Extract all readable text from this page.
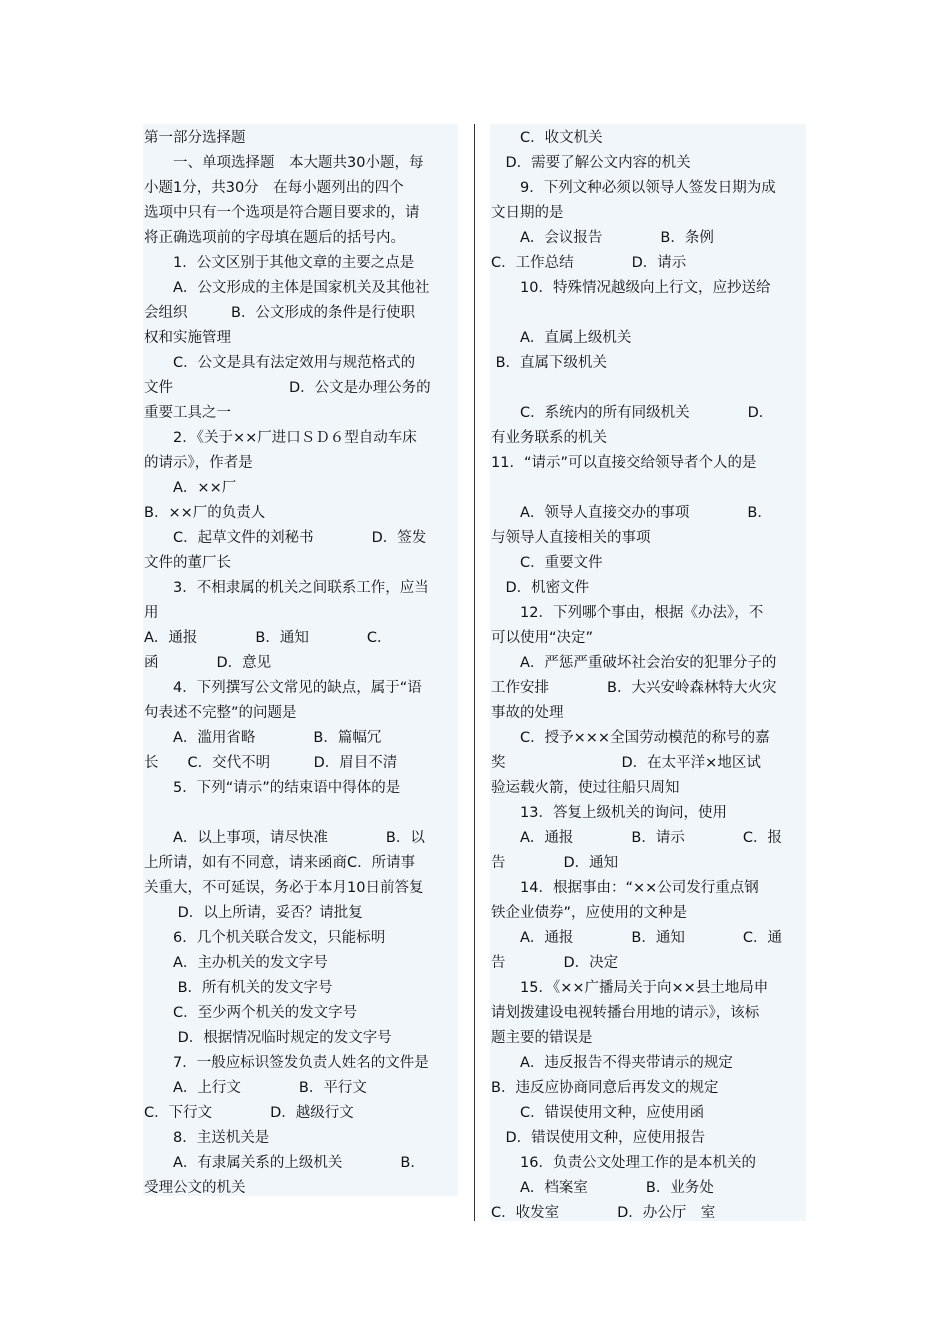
第一部分选择题
　　一、单项选择题　本大题共30小题，每
小题1分，共30分　在每小题列出的四个
选项中只有一个选项是符合题目要求的，请
将正确选项前的字母填在题后的括号内。
　　1．公文区别于其他文章的主要之点是
　　A．公文形成的主体是国家机关及其他社
会组织　　　B．公文形成的条件是行使职
权和实施管理
　　C．公文是具有法定效用与规范格式的
文件　　　　　　　　D．公文是办理公务的
重要工具之一
　　2．《关于××厂进口ＳＤ６型自动车床
的请示》，作者是
　　A．××厂
B．××厂的负责人
　　C．起草文件的刘秘书　　　　D．签发
文件的董厂长
　　3．不相隶属的机关之间联系工作，应当
用
A．通报　　　　B．通知　　　　C．
函　　　　D．意见
　　4．下列撰写公文常见的缺点，属于“语
句表述不完整”的问题是
　　A．滥用省略　　　　B．篇幅冗
长　　C．交代不明　　　D．眉目不清
　　5．下列“请示”的结束语中得体的是
　　A．以上事项，请尽快准　　　　B．以
上所请，如有不同意，请来函商C．所请事
关重大，不可延误，务必于本月10日前答复
　　 D．以上所请，妥否？请批复
　　6．几个机关联合发文，只能标明
　　A．主办机关的发文字号
　　 B．所有机关的发文字号
　　C．至少两个机关的发文字号
　　 D．根据情况临时规定的发文字号
　　7．一般应标识签发负责人姓名的文件是
　　A．上行文　　　　B．平行文
C．下行文　　　　D．越级行文
　　8．主送机关是
　　A．有隶属关系的上级机关　　　　B．
受理公文的机关
　　C．收文机关
　D．需要了解公文内容的机关
　　9．下列文种必须以领导人签发日期为成
文日期的是
　　A．会议报告　　　　B．条例
C．工作总结　　　　D．请示
　　10．特殊情况越级向上行文，应抄送给
　　A．直属上级机关
B．直属下级机关
　　C．系统内的所有同级机关　　　　D．
有业务联系的机关
11．“请示”可以直接交给领导者个人的是
　　A．领导人直接交办的事项　　　　B．
与领导人直接相关的事项
　　C．重要文件
　D．机密文件
　　12．下列哪个事由，根据《办法》，不
可以使用“决定”
　　A．严惩严重破坏社会治安的犯罪分子的
工作安排　　　　B．大兴安岭森林特大火灾
事故的处理
　　C．授予×××全国劳动模范的称号的嘉
奖　　　　　　　　D．在太平洋×地区试
验运载火箭，使过往船只周知
　　13．答复上级机关的询问，使用
　　A．通报　　　　B．请示　　　　C．报
告　　　　D．通知
　　14．根据事由：“××公司发行重点钢
铁企业债券”，应使用的文种是
　　A．通报　　　　B．通知　　　　C．通
告　　　　D．决定
　　15．《××广播局关于向××县土地局申
请划拨建设电视转播台用地的请示》，该标
题主要的错误是
　　A．违反报告不得夹带请示的规定
B．违反应协商同意后再发文的规定
　　C．错误使用文种，应使用函
　D．错误使用文种，应使用报告
　　16．负责公文处理工作的是本机关的
　　A．档案室　　　　B．业务处
C．收发室　　　　D．办公厅　室
